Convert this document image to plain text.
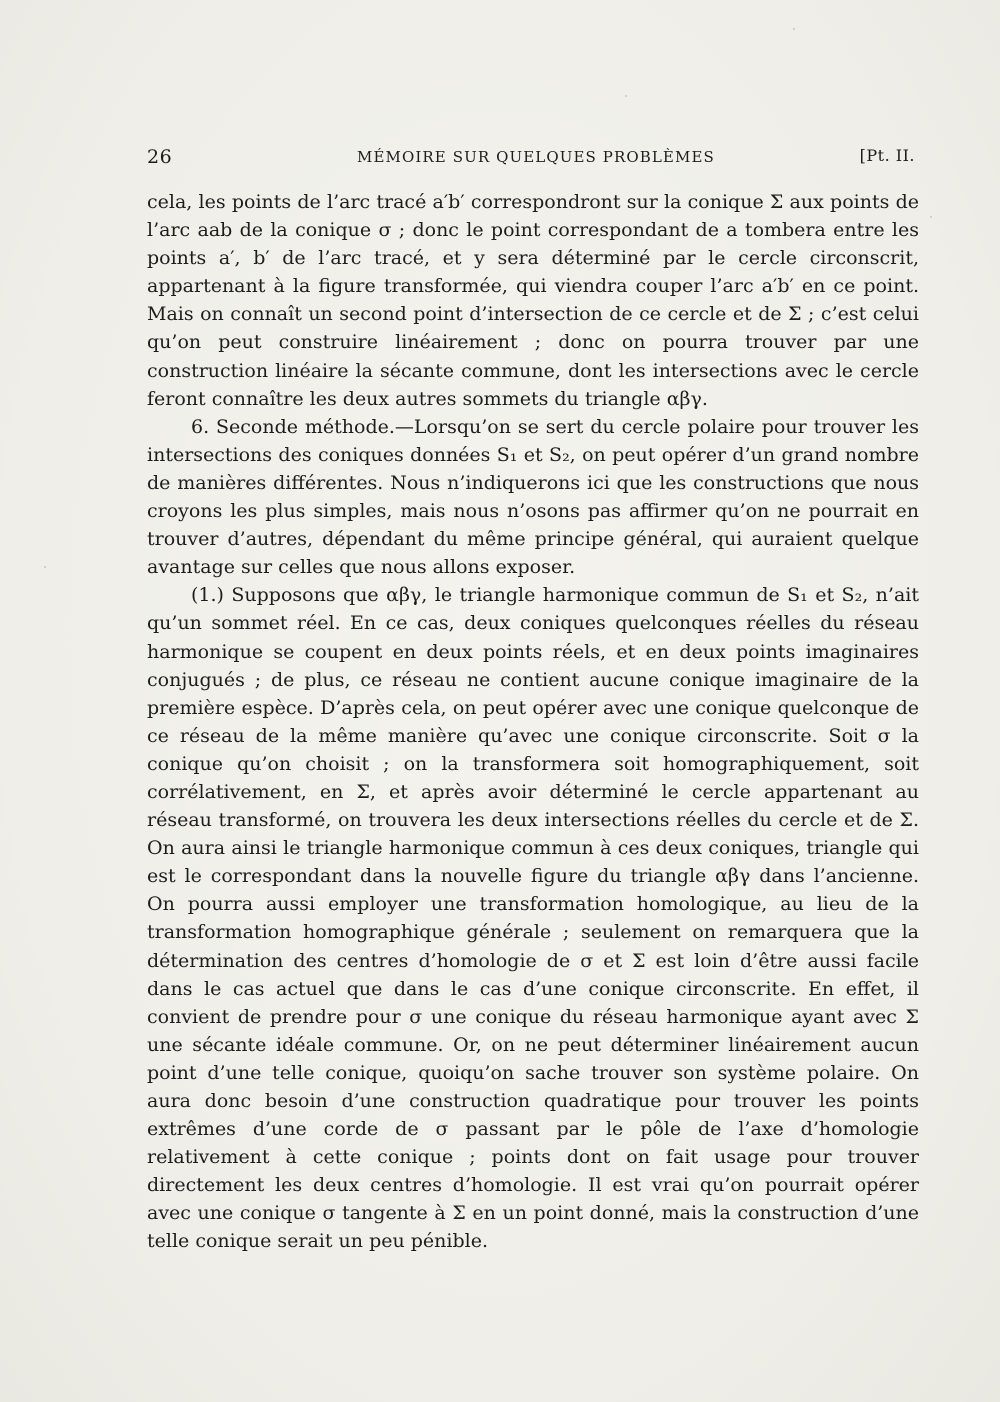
26	MÉMOIRE SUR QUELQUES PROBLÈMES	[Pt. II.

cela, les points de l’arc tracé a′b′ correspondront sur la conique Σ aux points de l’arc aab de la conique σ ; donc le point correspondant de a tombera entre les points a′, b′ de l’arc tracé, et y sera déterminé par le cercle circonscrit, appartenant à la figure transformée, qui viendra couper l’arc a′b′ en ce point. Mais on connaît un second point d’intersection de ce cercle et de Σ ; c’est celui qu’on peut construire linéairement ; donc on pourra trouver par une construction linéaire la sécante commune, dont les intersections avec le cercle feront connaître les deux autres sommets du triangle αβγ.

6. Seconde méthode.—Lorsqu’on se sert du cercle polaire pour trouver les intersections des coniques données S₁ et S₂, on peut opérer d’un grand nombre de manières différentes. Nous n’indiquerons ici que les constructions que nous croyons les plus simples, mais nous n’osons pas affirmer qu’on ne pourrait en trouver d’autres, dépendant du même principe général, qui auraient quelque avantage sur celles que nous allons exposer.

(1.) Supposons que αβγ, le triangle harmonique commun de S₁ et S₂, n’ait qu’un sommet réel. En ce cas, deux coniques quelconques réelles du réseau harmonique se coupent en deux points réels, et en deux points imaginaires conjugués ; de plus, ce réseau ne contient aucune conique imaginaire de la première espèce. D’après cela, on peut opérer avec une conique quelconque de ce réseau de la même manière qu’avec une conique circonscrite. Soit σ la conique qu’on choisit ; on la transformera soit homographiquement, soit corrélativement, en Σ, et après avoir déterminé le cercle appartenant au réseau transformé, on trouvera les deux intersections réelles du cercle et de Σ. On aura ainsi le triangle harmonique commun à ces deux coniques, triangle qui est le correspondant dans la nouvelle figure du triangle αβγ dans l’ancienne. On pourra aussi employer une transformation homologique, au lieu de la transformation homographique générale ; seulement on remarquera que la détermination des centres d’homologie de σ et Σ est loin d’être aussi facile dans le cas actuel que dans le cas d’une conique circonscrite. En effet, il convient de prendre pour σ une conique du réseau harmonique ayant avec Σ une sécante idéale commune. Or, on ne peut déterminer linéairement aucun point d’une telle conique, quoiqu’on sache trouver son système polaire. On aura donc besoin d’une construction quadratique pour trouver les points extrêmes d’une corde de σ passant par le pôle de l’axe d’homologie relativement à cette conique ; points dont on fait usage pour trouver directement les deux centres d’homologie. Il est vrai qu’on pourrait opérer avec une conique σ tangente à Σ en un point donné, mais la construction d’une telle conique serait un peu pénible.
